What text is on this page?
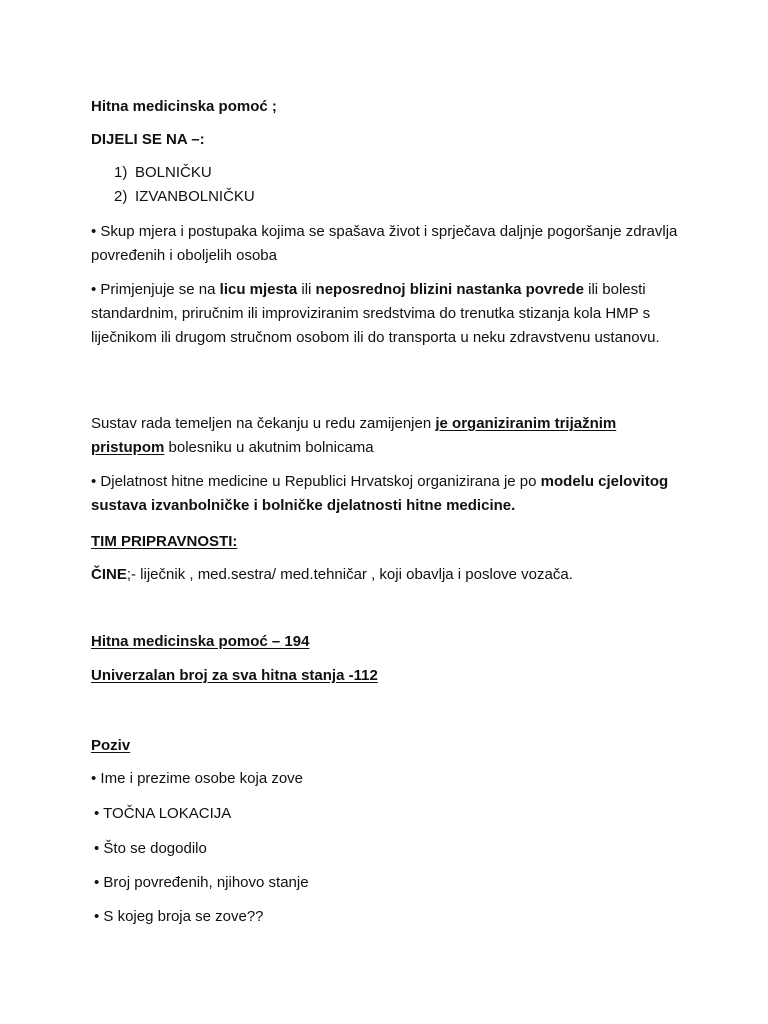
Hitna medicinska pomoć ;

DIJELI SE NA –:

1) BOLNIČKU
2) IZVANBOLNIČKU

• Skup mjera i postupaka kojima se spašava život i sprječava daljnje pogoršanje zdravlja povređenih i oboljelih osoba

• Primjenjuje se na licu mjesta ili neposrednoj blizini nastanka povrede ili bolesti standardnim, priručnim ili improviziranim sredstvima do trenutka stizanja kola HMP s liječnikom ili drugom stručnom osobom ili do transporta u neku zdravstvenu ustanovu.

Sustav rada temeljen na čekanju u redu zamijenjen je organiziranim trijažnim pristupom bolesniku u akutnim bolnicama

• Djelatnost hitne medicine u Republici Hrvatskoj organizirana je po modelu cjelovitog sustava izvanbolničke i bolničke djelatnosti hitne medicine.

TIM PRIPRAVNOSTI:

ČINE;- liječnik , med.sestra/ med.tehničar , koji obavlja i poslove vozača.

Hitna medicinska pomoć – 194

Univerzalan broj za sva hitna stanja -112

Poziv

• Ime i prezime osobe koja zove

• TOČNA LOKACIJA

• Što se dogodilo

• Broj povređenih, njihovo stanje

• S kojeg broja se zove??
